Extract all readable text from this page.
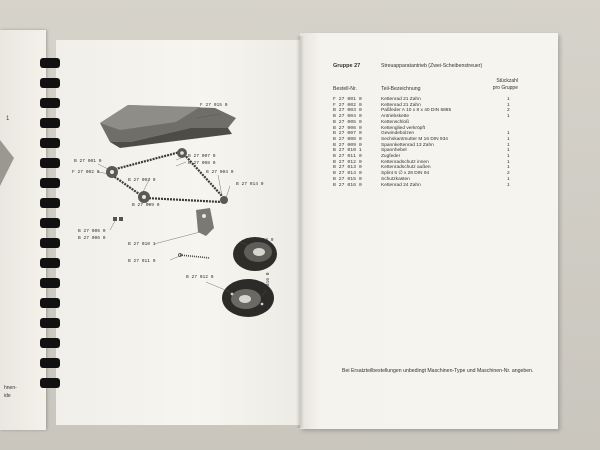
1
hnen-
ide
F 27 015 0
B 27 001 0
F 27 002 0
B 27 003 0
B 27 007 0
B 27 008 0
B 27 004 0
B 27 014 0
B 27 009 0
B 27 005 0
B 27 006 0
B 27 010 1
B 27 011 0
B 27 013 0
B 27 012 0	B 27 016 0
Gruppe 27	Streuapparatantrieb (Zwei-Scheibenstreuer)
Stückzahl
pro Gruppe
Bestell-Nr.	Teil-Bezeichnung
F 27 001 0	Kettenrad 21 Zahn	1
F 27 002 0	Kettenrad 21 Zahn	1
B 27 003 0	Paßfeder A 10 x 8 x 40 DIN 6885	2
B 27 004 0	Antriebskette	1
B 27 005 0	Kettenschloß
B 27 006 0	Kettenglied verkröpft
B 27 007 0	Gewindebolzen	1
B 27 008 0	Sechskantmutter M 16 DIN 934	1
B 27 009 0	Spannkettenrad 13 Zahn	1
B 27 010 1	Spannhebel	1
B 27 011 0	Zugfeder	1
B 27 012 0	Kettenradschutz innen	1
B 27 013 0	Kettenradschutz außen	1
B 27 014 0	Splint 5 ∅ x 28 DIN 94	2
B 27 015 0	Schutzkasten	1
B 27 016 0	Kettenrad 24 Zahn	1
Bei Ersatzteilbestellungen unbedingt Maschinen-Type und Maschinen-Nr. angeben.
